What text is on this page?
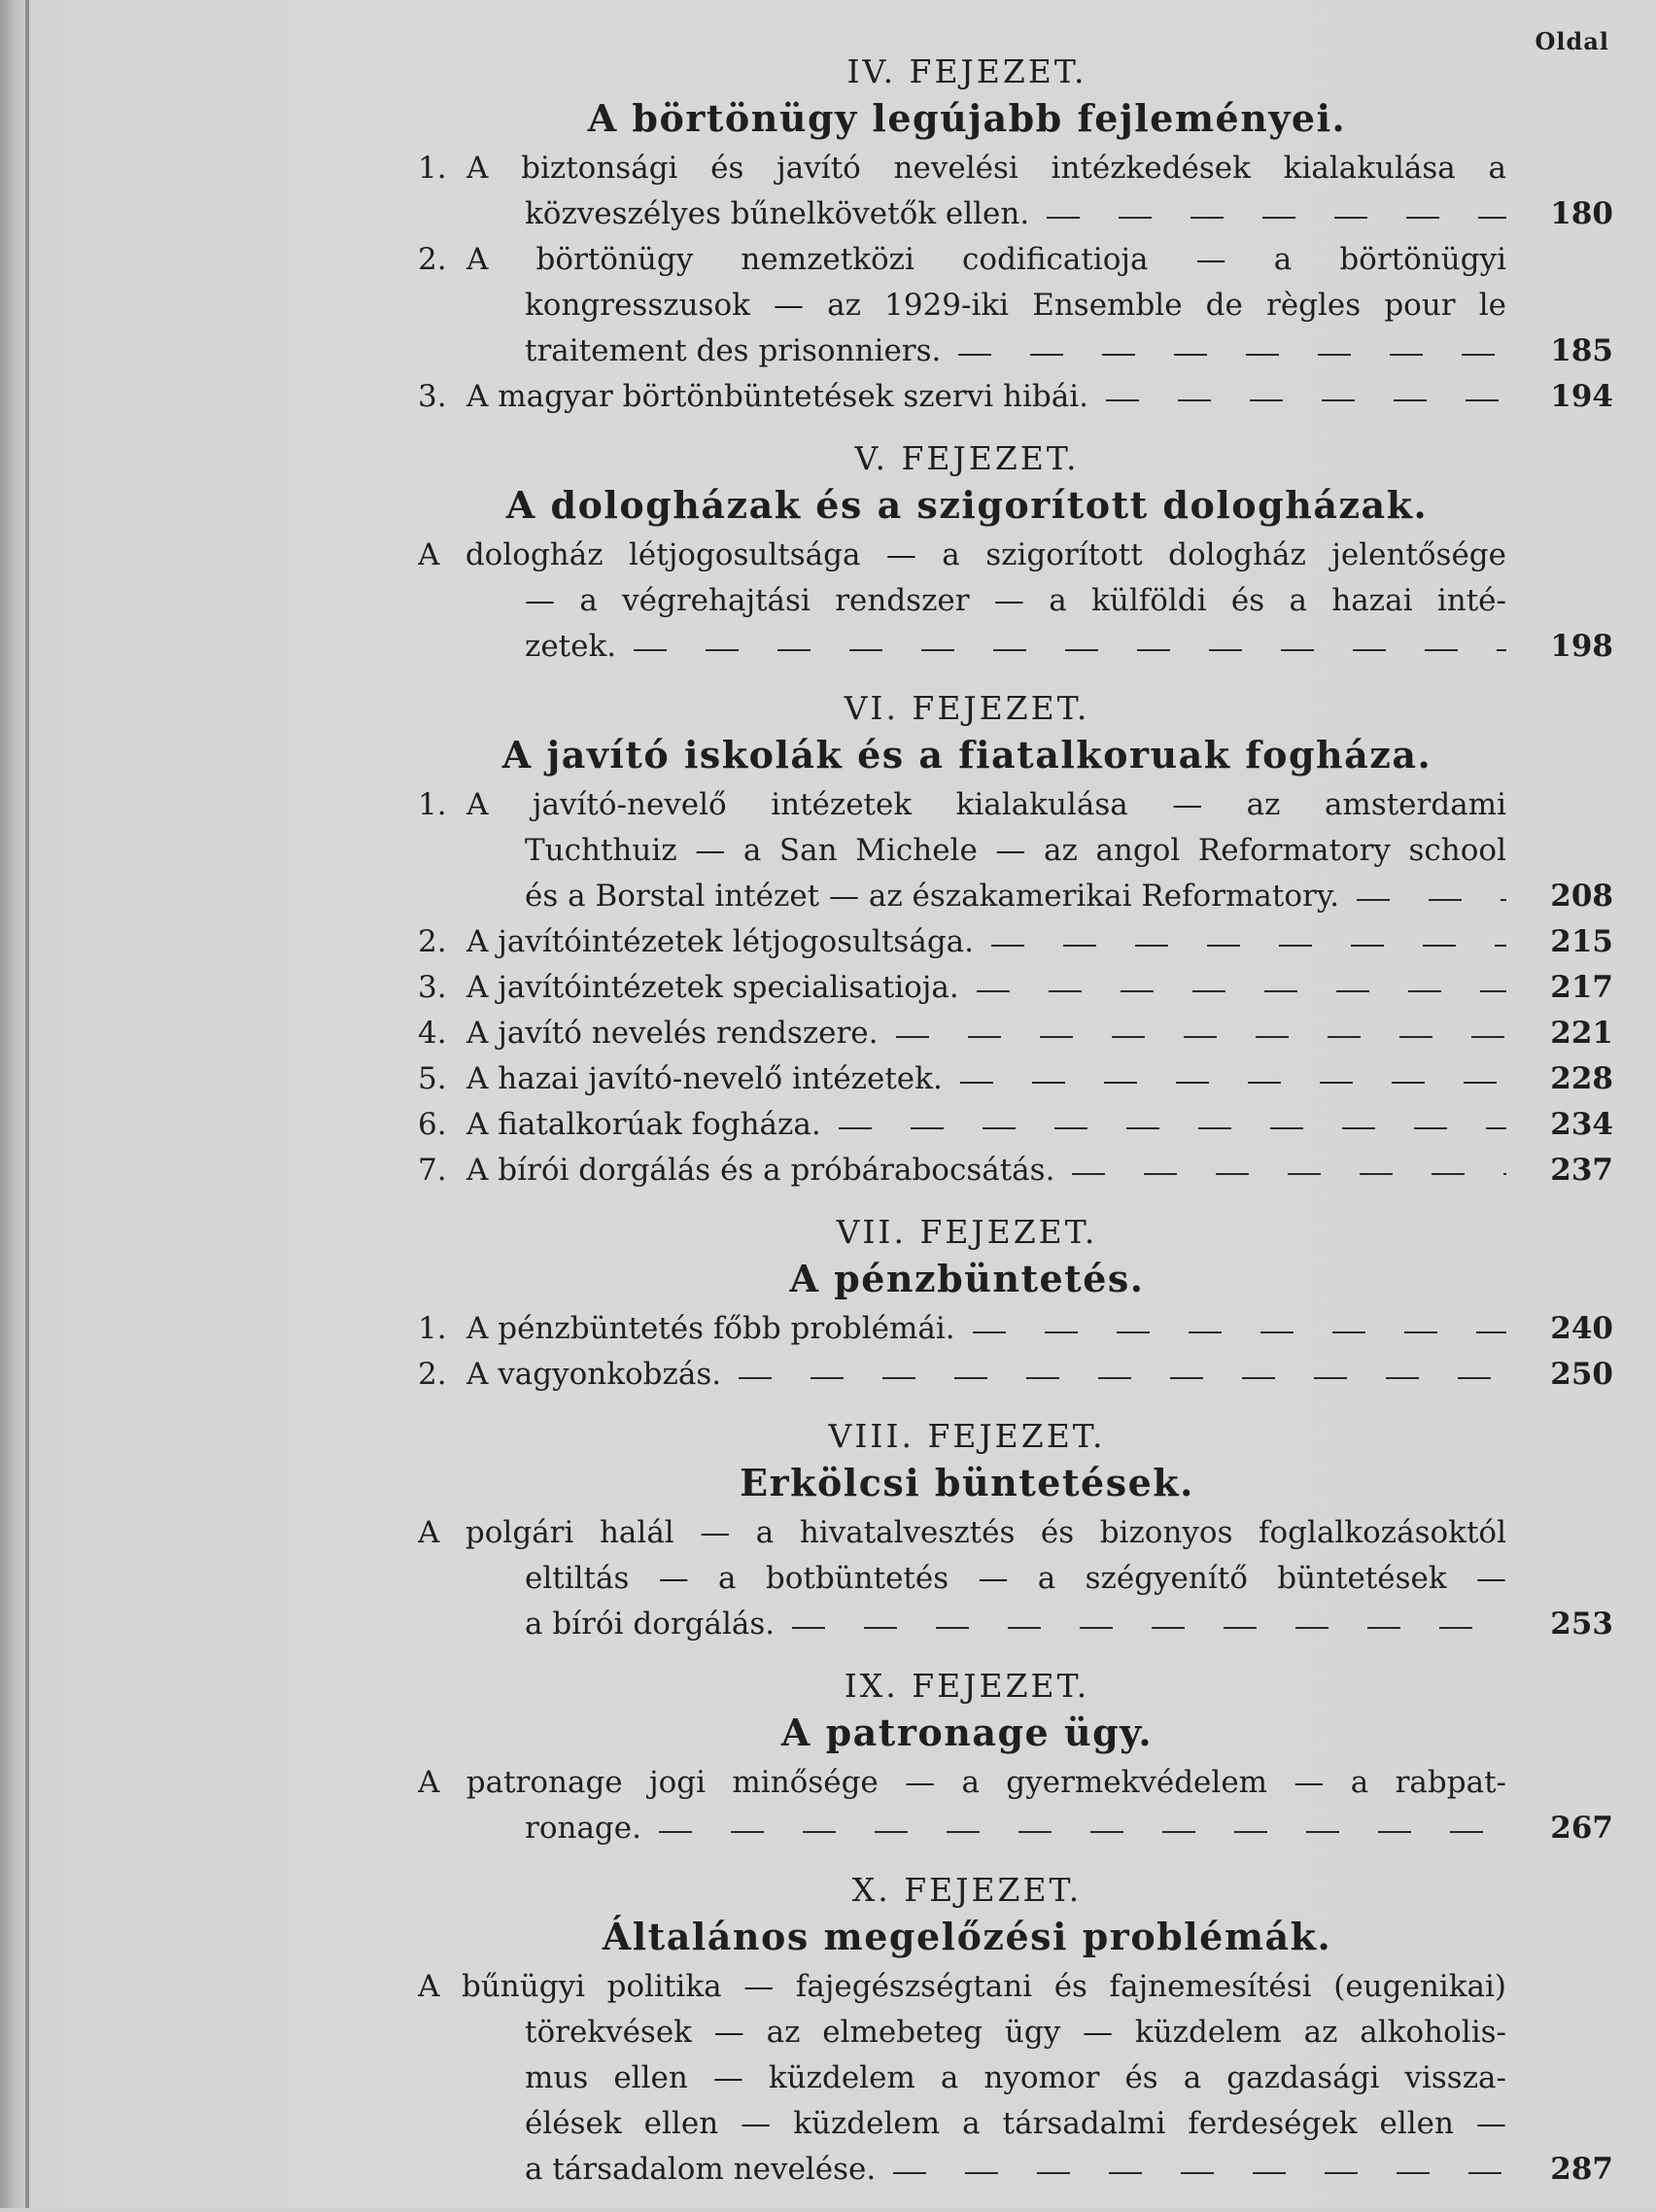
Oldal
IV. FEJEZET.
A börtönügy legújabb fejleményei.
1. A biztonsági és javító nevelési intézkedések kialakulása a
közveszélyes bűnelkövetők ellen.	180
2. A börtönügy nemzetközi codificatioja — a börtönügyi
kongresszusok — az 1929-iki Ensemble de règles pour le
traitement des prisonniers.	185
3. A magyar börtönbüntetések szervi hibái.	194
V. FEJEZET.
A dologházak és a szigorított dologházak.
A dologház létjogosultsága — a szigorított dologház jelentősége
— a végrehajtási rendszer — a külföldi és a hazai inté-
zetek.	198
VI. FEJEZET.
A javító iskolák és a fiatalkoruak fogháza.
1. A javító-nevelő intézetek kialakulása — az amsterdami
Tuchthuiz — a San Michele — az angol Reformatory school
és a Borstal intézet — az északamerikai Reformatory.	208
2. A javítóintézetek létjogosultsága.	215
3. A javítóintézetek specialisatioja.	217
4. A javító nevelés rendszere.	221
5. A hazai javító-nevelő intézetek.	228
6. A fiatalkorúak fogháza.	234
7. A bírói dorgálás és a próbárabocsátás.	237
VII. FEJEZET.
A pénzbüntetés.
1. A pénzbüntetés főbb problémái.	240
2. A vagyonkobzás.	250
VIII. FEJEZET.
Erkölcsi büntetések.
A polgári halál — a hivatalvesztés és bizonyos foglalkozásoktól
eltiltás — a botbüntetés — a szégyenítő büntetések —
a bírói dorgálás.	253
IX. FEJEZET.
A patronage ügy.
A patronage jogi minősége — a gyermekvédelem — a rabpat-
ronage.	267
X. FEJEZET.
Általános megelőzési problémák.
A bűnügyi politika — fajegészségtani és fajnemesítési (eugenikai)
törekvések — az elmebeteg ügy — küzdelem az alkoholis-
mus ellen — küzdelem a nyomor és a gazdasági vissza-
élések ellen — küzdelem a társadalmi ferdeségek ellen —
a társadalom nevelése.	287
